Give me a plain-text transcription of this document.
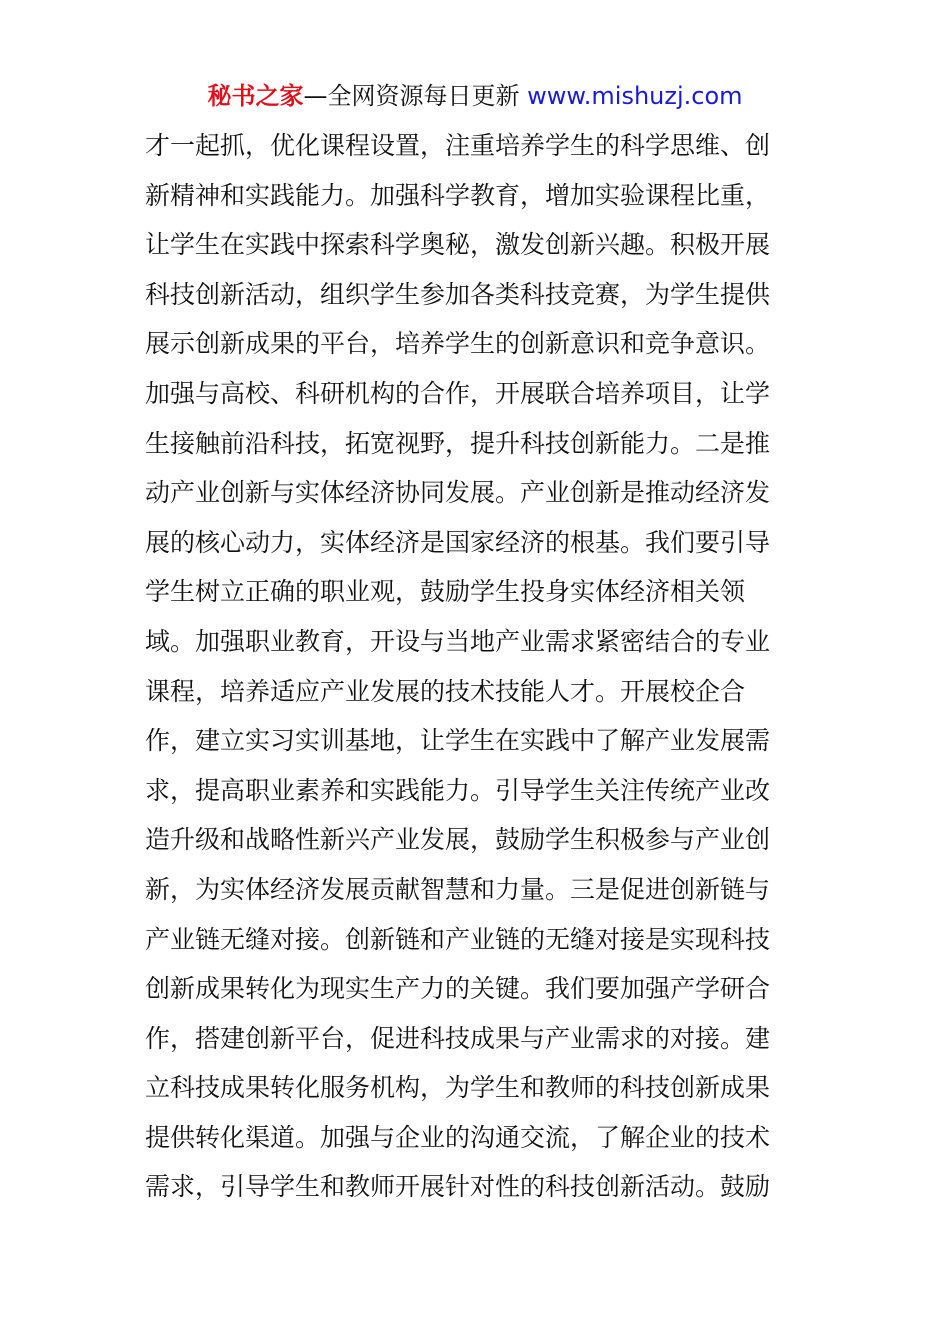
秘书之家—全网资源每日更新 www.mishuzj.com
才一起抓，优化课程设置，注重培养学生的科学思维、创
新精神和实践能力。加强科学教育，增加实验课程比重，
让学生在实践中探索科学奥秘，激发创新兴趣。积极开展
科技创新活动，组织学生参加各类科技竞赛，为学生提供
展示创新成果的平台，培养学生的创新意识和竞争意识。
加强与高校、科研机构的合作，开展联合培养项目，让学
生接触前沿科技，拓宽视野，提升科技创新能力。二是推
动产业创新与实体经济协同发展。产业创新是推动经济发
展的核心动力，实体经济是国家经济的根基。我们要引导
学生树立正确的职业观，鼓励学生投身实体经济相关领
域。加强职业教育，开设与当地产业需求紧密结合的专业
课程，培养适应产业发展的技术技能人才。开展校企合
作，建立实习实训基地，让学生在实践中了解产业发展需
求，提高职业素养和实践能力。引导学生关注传统产业改
造升级和战略性新兴产业发展，鼓励学生积极参与产业创
新，为实体经济发展贡献智慧和力量。三是促进创新链与
产业链无缝对接。创新链和产业链的无缝对接是实现科技
创新成果转化为现实生产力的关键。我们要加强产学研合
作，搭建创新平台，促进科技成果与产业需求的对接。建
立科技成果转化服务机构，为学生和教师的科技创新成果
提供转化渠道。加强与企业的沟通交流，了解企业的技术
需求，引导学生和教师开展针对性的科技创新活动。鼓励
